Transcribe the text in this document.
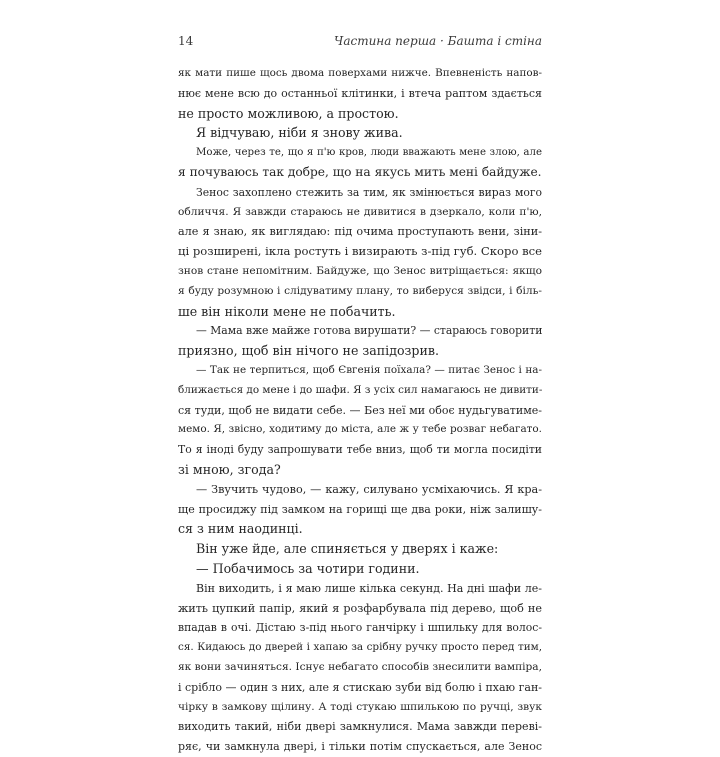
14	Частина перша · Башта і стіна
як мати пише щось двома поверхами нижче. Впевненість напов-
нює мене всю до останньої клітинки, і втеча раптом здається
не просто можливою, а простою.
Я відчуваю, ніби я знову жива.
Може, через те, що я п'ю кров, люди вважають мене злою, але
я почуваюсь так добре, що на якусь мить мені байдуже.
Зенос захоплено стежить за тим, як змінюється вираз мого
обличчя. Я завжди стараюсь не дивитися в дзеркало, коли п'ю,
але я знаю, як виглядаю: під очима проступають вени, зіни-
ці розширені, ікла ростуть і визирають з-під губ. Скоро все
знов стане непомітним. Байдуже, що Зенос витріщається: якщо
я буду розумною і слідуватиму плану, то виберуся звідси, і біль-
ше він ніколи мене не побачить.
— Мама вже майже готова вирушати? — стараюсь говорити
приязно, щоб він нічого не запідозрив.
— Так не терпиться, щоб Євгенія поїхала? — питає Зенос і на-
ближається до мене і до шафи. Я з усіх сил намагаюсь не дивити-
ся туди, щоб не видати себе. — Без неї ми обоє нудьгуватиме-
мемо. Я, звісно, ходитиму до міста, але ж у тебе розваг небагато.
То я іноді буду запрошувати тебе вниз, щоб ти могла посидіти
зі мною, згода?
— Звучить чудово, — кажу, силувано усміхаючись. Я кра-
ще просиджу під замком на горищі ще два роки, ніж залишу-
ся з ним наодинці.
Він уже йде, але спиняється у дверях і каже:
— Побачимось за чотири години.
Він виходить, і я маю лише кілька секунд. На дні шафи ле-
жить цупкий папір, який я розфарбувала під дерево, щоб не
впадав в очі. Дістаю з-під нього ганчірку і шпильку для волос-
ся. Кидаюсь до дверей і хапаю за срібну ручку просто перед тим,
як вони зачиняться. Існує небагато способів знесилити вампіра,
і срібло — один з них, але я стискаю зуби від болю і пхаю ган-
чірку в замкову щілину. А тоді стукаю шпилькою по ручці, звук
виходить такий, ніби двері замкнулися. Мама завжди переві-
ряє, чи замкнула двері, і тільки потім спускається, але Зенос
